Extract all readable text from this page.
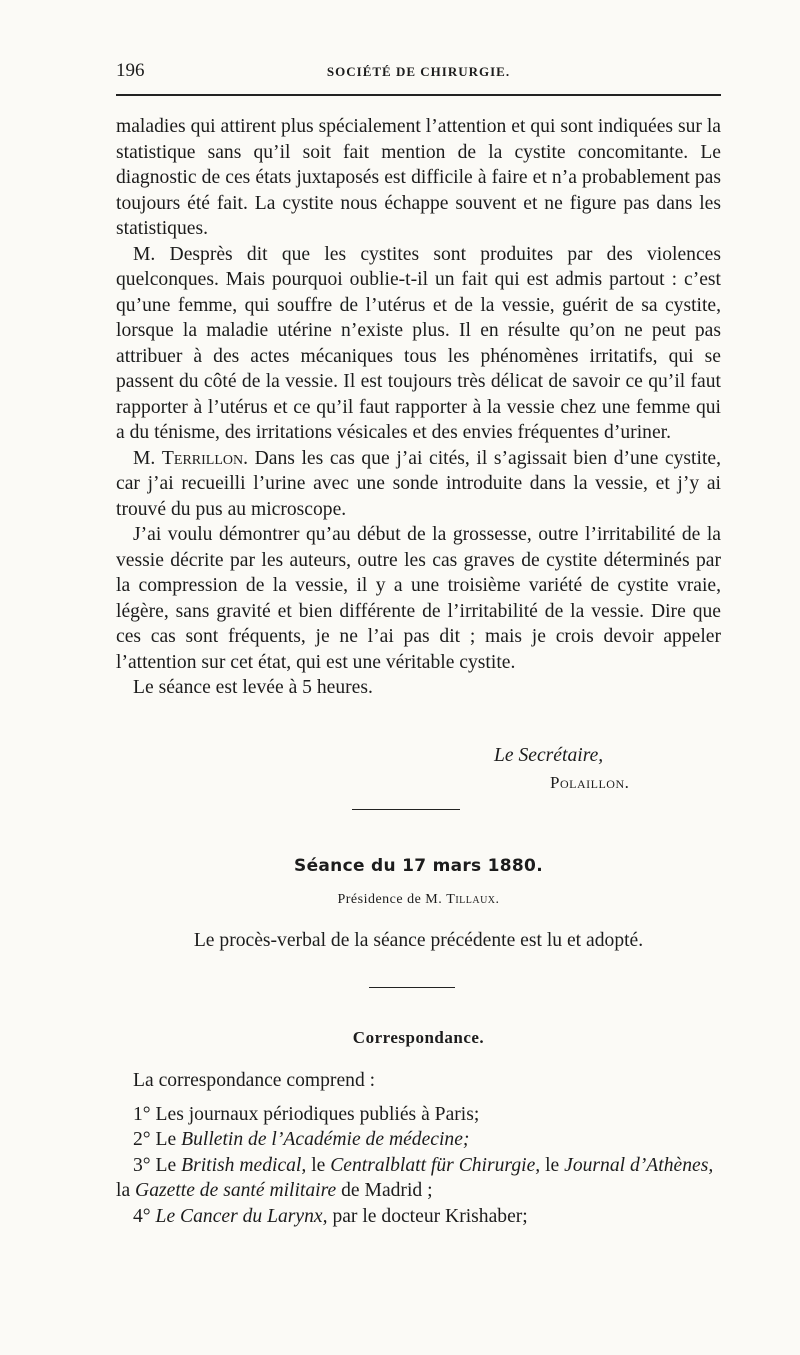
196	SOCIÉTÉ DE CHIRURGIE.

maladies qui attirent plus spécialement l’attention et qui sont indiquées sur la statistique sans qu’il soit fait mention de la cystite concomitante. Le diagnostic de ces états juxtaposés est difficile à faire et n’a probablement pas toujours été fait. La cystite nous échappe souvent et ne figure pas dans les statistiques.

M. Desprès dit que les cystites sont produites par des violences quelconques. Mais pourquoi oublie-t-il un fait qui est admis partout : c’est qu’une femme, qui souffre de l’utérus et de la vessie, guérit de sa cystite, lorsque la maladie utérine n’existe plus. Il en résulte qu’on ne peut pas attribuer à des actes mécaniques tous les phénomènes irritatifs, qui se passent du côté de la vessie. Il est toujours très délicat de savoir ce qu’il faut rapporter à l’utérus et ce qu’il faut rapporter à la vessie chez une femme qui a du ténisme, des irritations vésicales et des envies fréquentes d’uriner.

M. Terrillon. Dans les cas que j’ai cités, il s’agissait bien d’une cystite, car j’ai recueilli l’urine avec une sonde introduite dans la vessie, et j’y ai trouvé du pus au microscope.

J’ai voulu démontrer qu’au début de la grossesse, outre l’irritabilité de la vessie décrite par les auteurs, outre les cas graves de cystite déterminés par la compression de la vessie, il y a une troisième variété de cystite vraie, légère, sans gravité et bien différente de l’irritabilité de la vessie. Dire que ces cas sont fréquents, je ne l’ai pas dit ; mais je crois devoir appeler l’attention sur cet état, qui est une véritable cystite.

Le séance est levée à 5 heures.

Le Secrétaire,
Polaillon.
Séance du 17 mars 1880.
Présidence de M. Tillaux.
Le procès-verbal de la séance précédente est lu et adopté.
Correspondance.

La correspondance comprend :

1° Les journaux périodiques publiés à Paris;

2° Le Bulletin de l’Académie de médecine;

3° Le British medical, le Centralblatt für Chirurgie, le Journal d’Athènes, la Gazette de santé militaire de Madrid ;

4° Le Cancer du Larynx, par le docteur Krishaber;
